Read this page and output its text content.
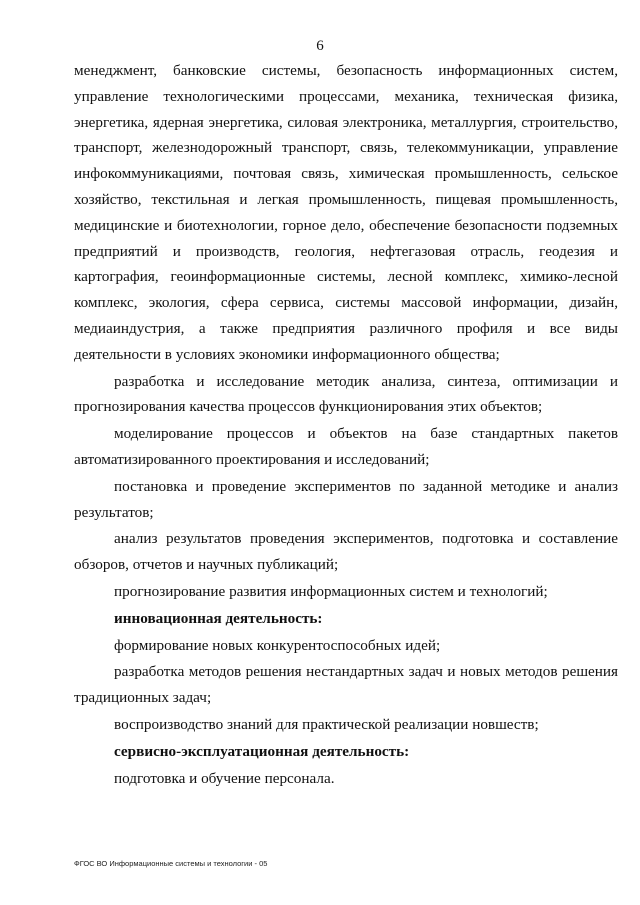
6

менеджмент, банковские системы, безопасность информационных систем, управление технологическими процессами, механика, техническая физика, энергетика, ядерная энергетика, силовая электроника, металлургия, строительство, транспорт, железнодорожный транспорт, связь, телекоммуникации, управление инфокоммуникациями, почтовая связь, химическая промышленность, сельское хозяйство, текстильная и легкая промышленность, пищевая промышленность, медицинские и биотехнологии, горное дело, обеспечение безопасности подземных предприятий и производств, геология, нефтегазовая отрасль, геодезия и картография, геоинформационные системы, лесной комплекс, химико-лесной комплекс, экология, сфера сервиса, системы массовой информации, дизайн, медиаиндустрия, а также предприятия различного профиля и все виды деятельности в условиях экономики информационного общества;

разработка и исследование методик анализа, синтеза, оптимизации и прогнозирования качества процессов функционирования этих объектов;

моделирование процессов и объектов на базе стандартных пакетов автоматизированного проектирования и исследований;

постановка и проведение экспериментов по заданной методике и анализ результатов;

анализ результатов проведения экспериментов, подготовка и составление обзоров, отчетов и научных публикаций;

прогнозирование развития информационных систем и технологий;

инновационная деятельность:

формирование новых конкурентоспособных идей;

разработка методов решения нестандартных задач и новых методов решения традиционных задач;

воспроизводство знаний для практической реализации новшеств;

сервисно-эксплуатационная деятельность:

подготовка и обучение персонала.

ФГОС ВО Информационные системы и технологии - 05
